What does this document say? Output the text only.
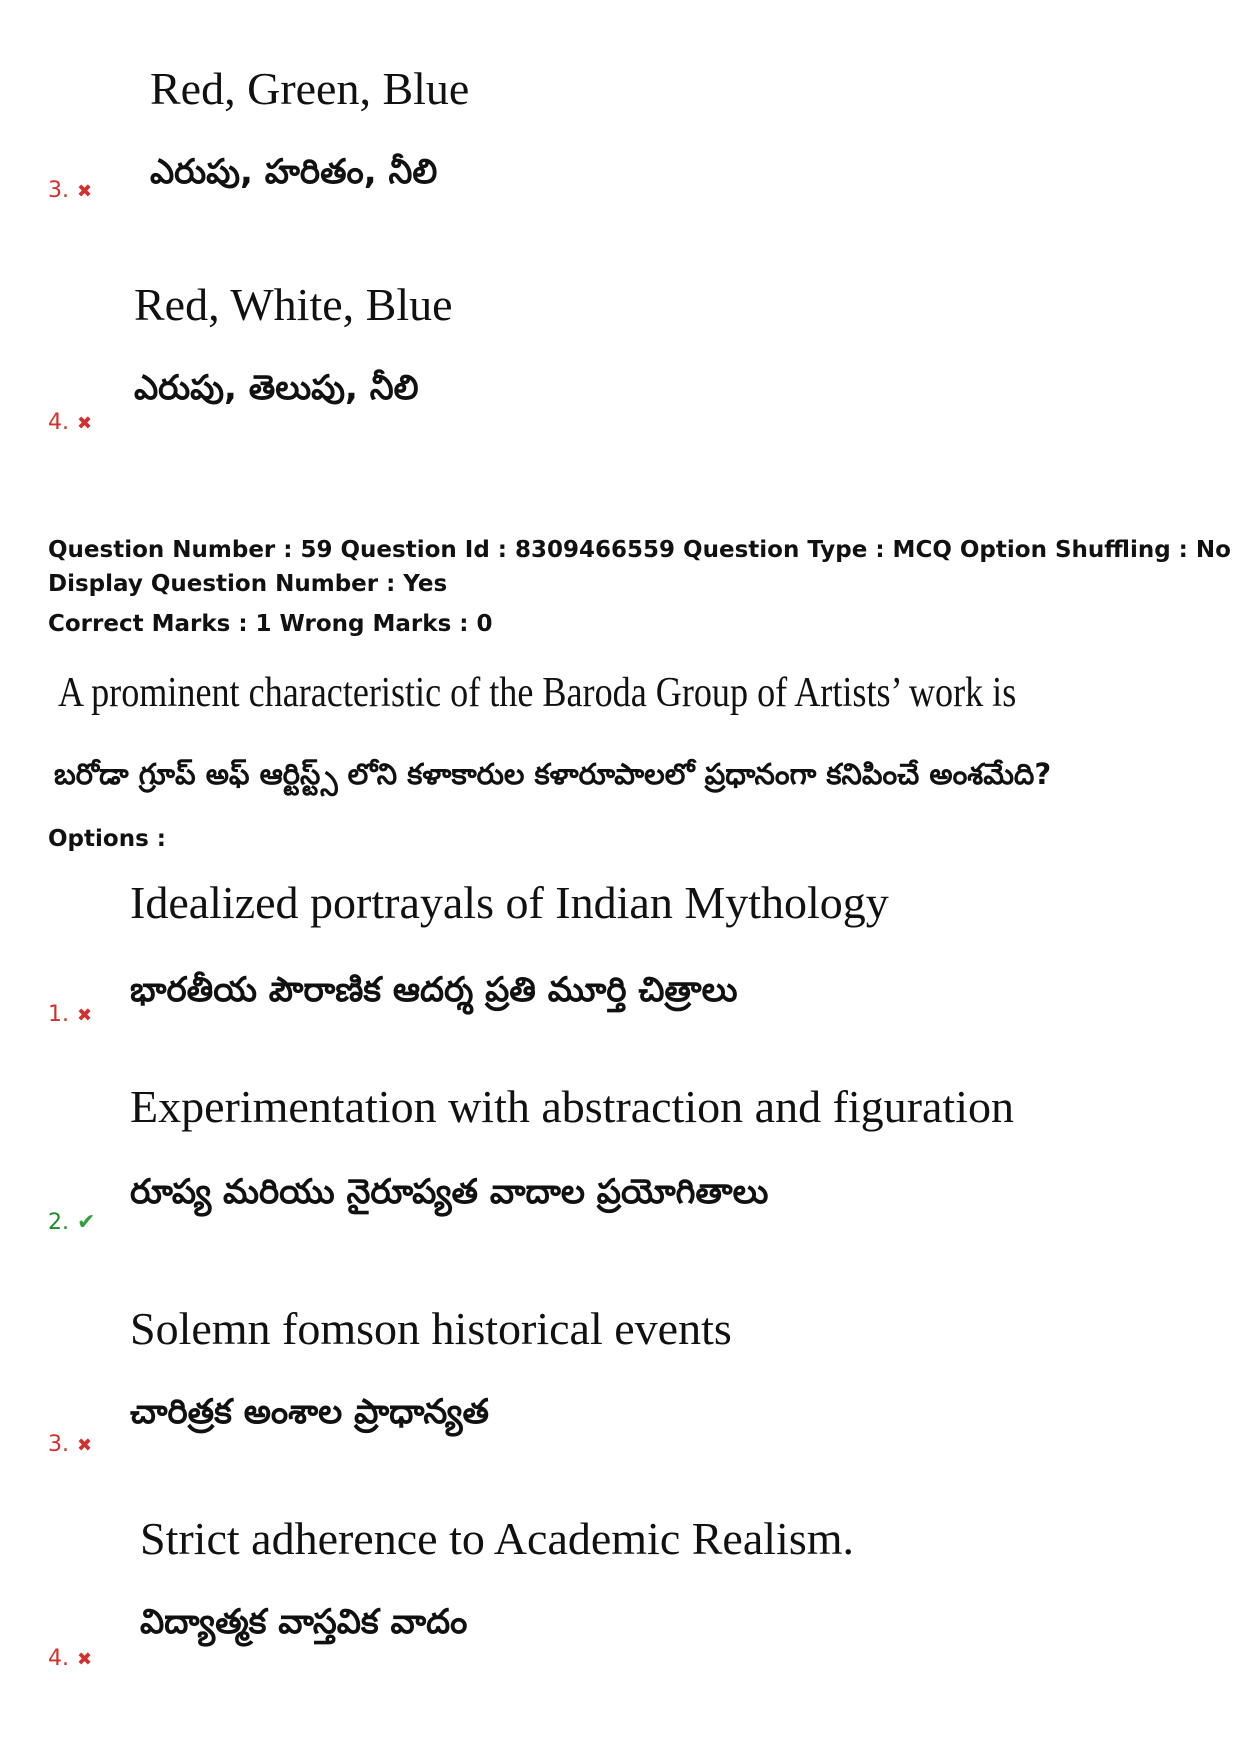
Red, Green, Blue
ఎరుపు, హరితం, నీలి
3. ✖
Red, White, Blue
ఎరుపు, తెలుపు, నీలి
4. ✖
Question Number : 59 Question Id : 8309466559 Question Type : MCQ Option Shuffling : No
Display Question Number : Yes
Correct Marks : 1 Wrong Marks : 0
A prominent characteristic of the Baroda Group of Artists’ work is
బరోడా గ్రూప్ అఫ్ ఆర్టిస్ట్స్ లోని కళాకారుల కళారూపాలలో ప్రధానంగా కనిపించే అంశమేది?
Options :
Idealized portrayals of Indian Mythology
భారతీయ పౌరాణిక ఆదర్శ ప్రతి మూర్తి చిత్రాలు
1. ✖
Experimentation with abstraction and figuration
రూప్య మరియు నైరూప్యత వాదాల ప్రయోగితాలు
2. ✔
Solemn fomson historical events
చారిత్రక అంశాల ప్రాధాన్యత
3. ✖
Strict adherence to Academic Realism.
విద్యాత్మక వాస్తవిక వాదం
4. ✖
